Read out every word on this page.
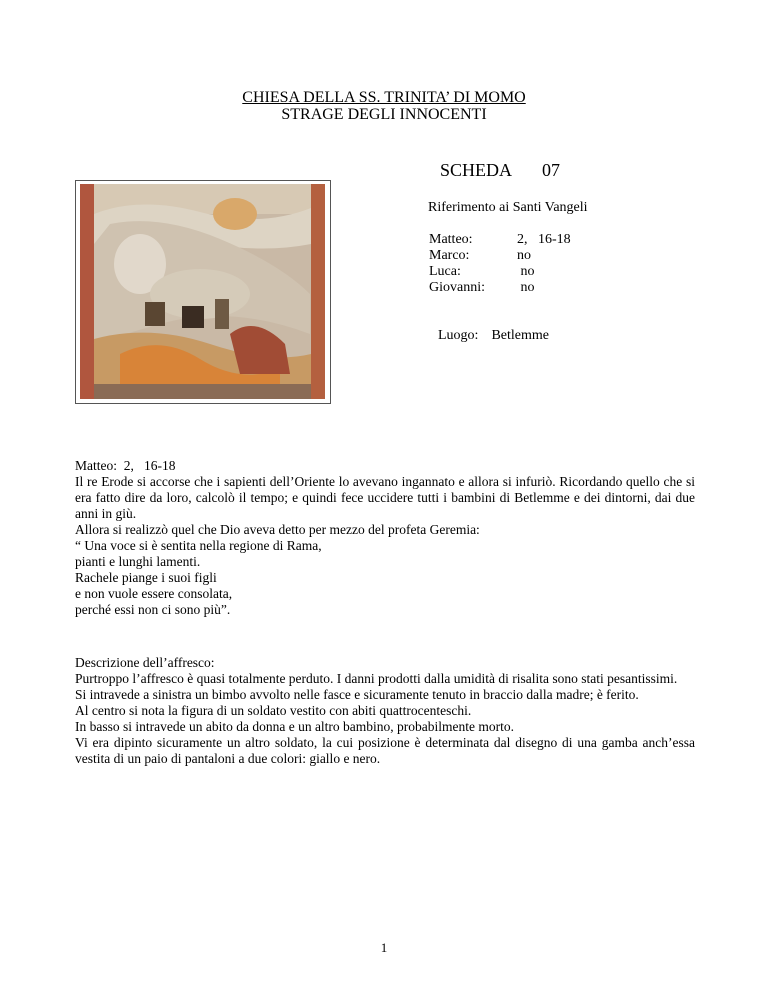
CHIESA DELLA SS. TRINITA’ DI MOMO
STRAGE DEGLI INNOCENTI
SCHEDA 07
Riferimento ai Santi Vangeli
Matteo:	2,   16-18
Marco:	no
Luca:	no
Giovanni:	no
Luogo:  Betlemme

Matteo:  2,   16-18

Il re Erode si accorse che i sapienti dell’Oriente lo avevano ingannato e allora si infuriò. Ricordando quello che si era fatto dire da loro, calcolò il tempo; e quindi fece uccidere tutti i bambini di Betlemme e dei dintorni, dai due anni in giù.

Allora si realizzò quel che Dio aveva detto per mezzo del profeta Geremia:

“ Una voce si è sentita nella regione di Rama,

pianti e lunghi lamenti.

Rachele piange i suoi figli

e non vuole essere consolata,

perché essi non ci sono più”.

Descrizione dell’affresco:

Purtroppo l’affresco è quasi totalmente perduto. I danni prodotti dalla umidità di risalita sono stati pesantissimi.

Si intravede a sinistra un bimbo avvolto nelle fasce e sicuramente tenuto in braccio dalla madre; è ferito.

Al centro si nota la figura di un soldato vestito con abiti quattrocenteschi.

In basso si intravede un abito da donna e un altro bambino, probabilmente morto.

Vi era dipinto sicuramente un altro soldato, la cui posizione è determinata dal disegno di una gamba anch’essa vestita di un paio di pantaloni a due colori: giallo e nero.

1
